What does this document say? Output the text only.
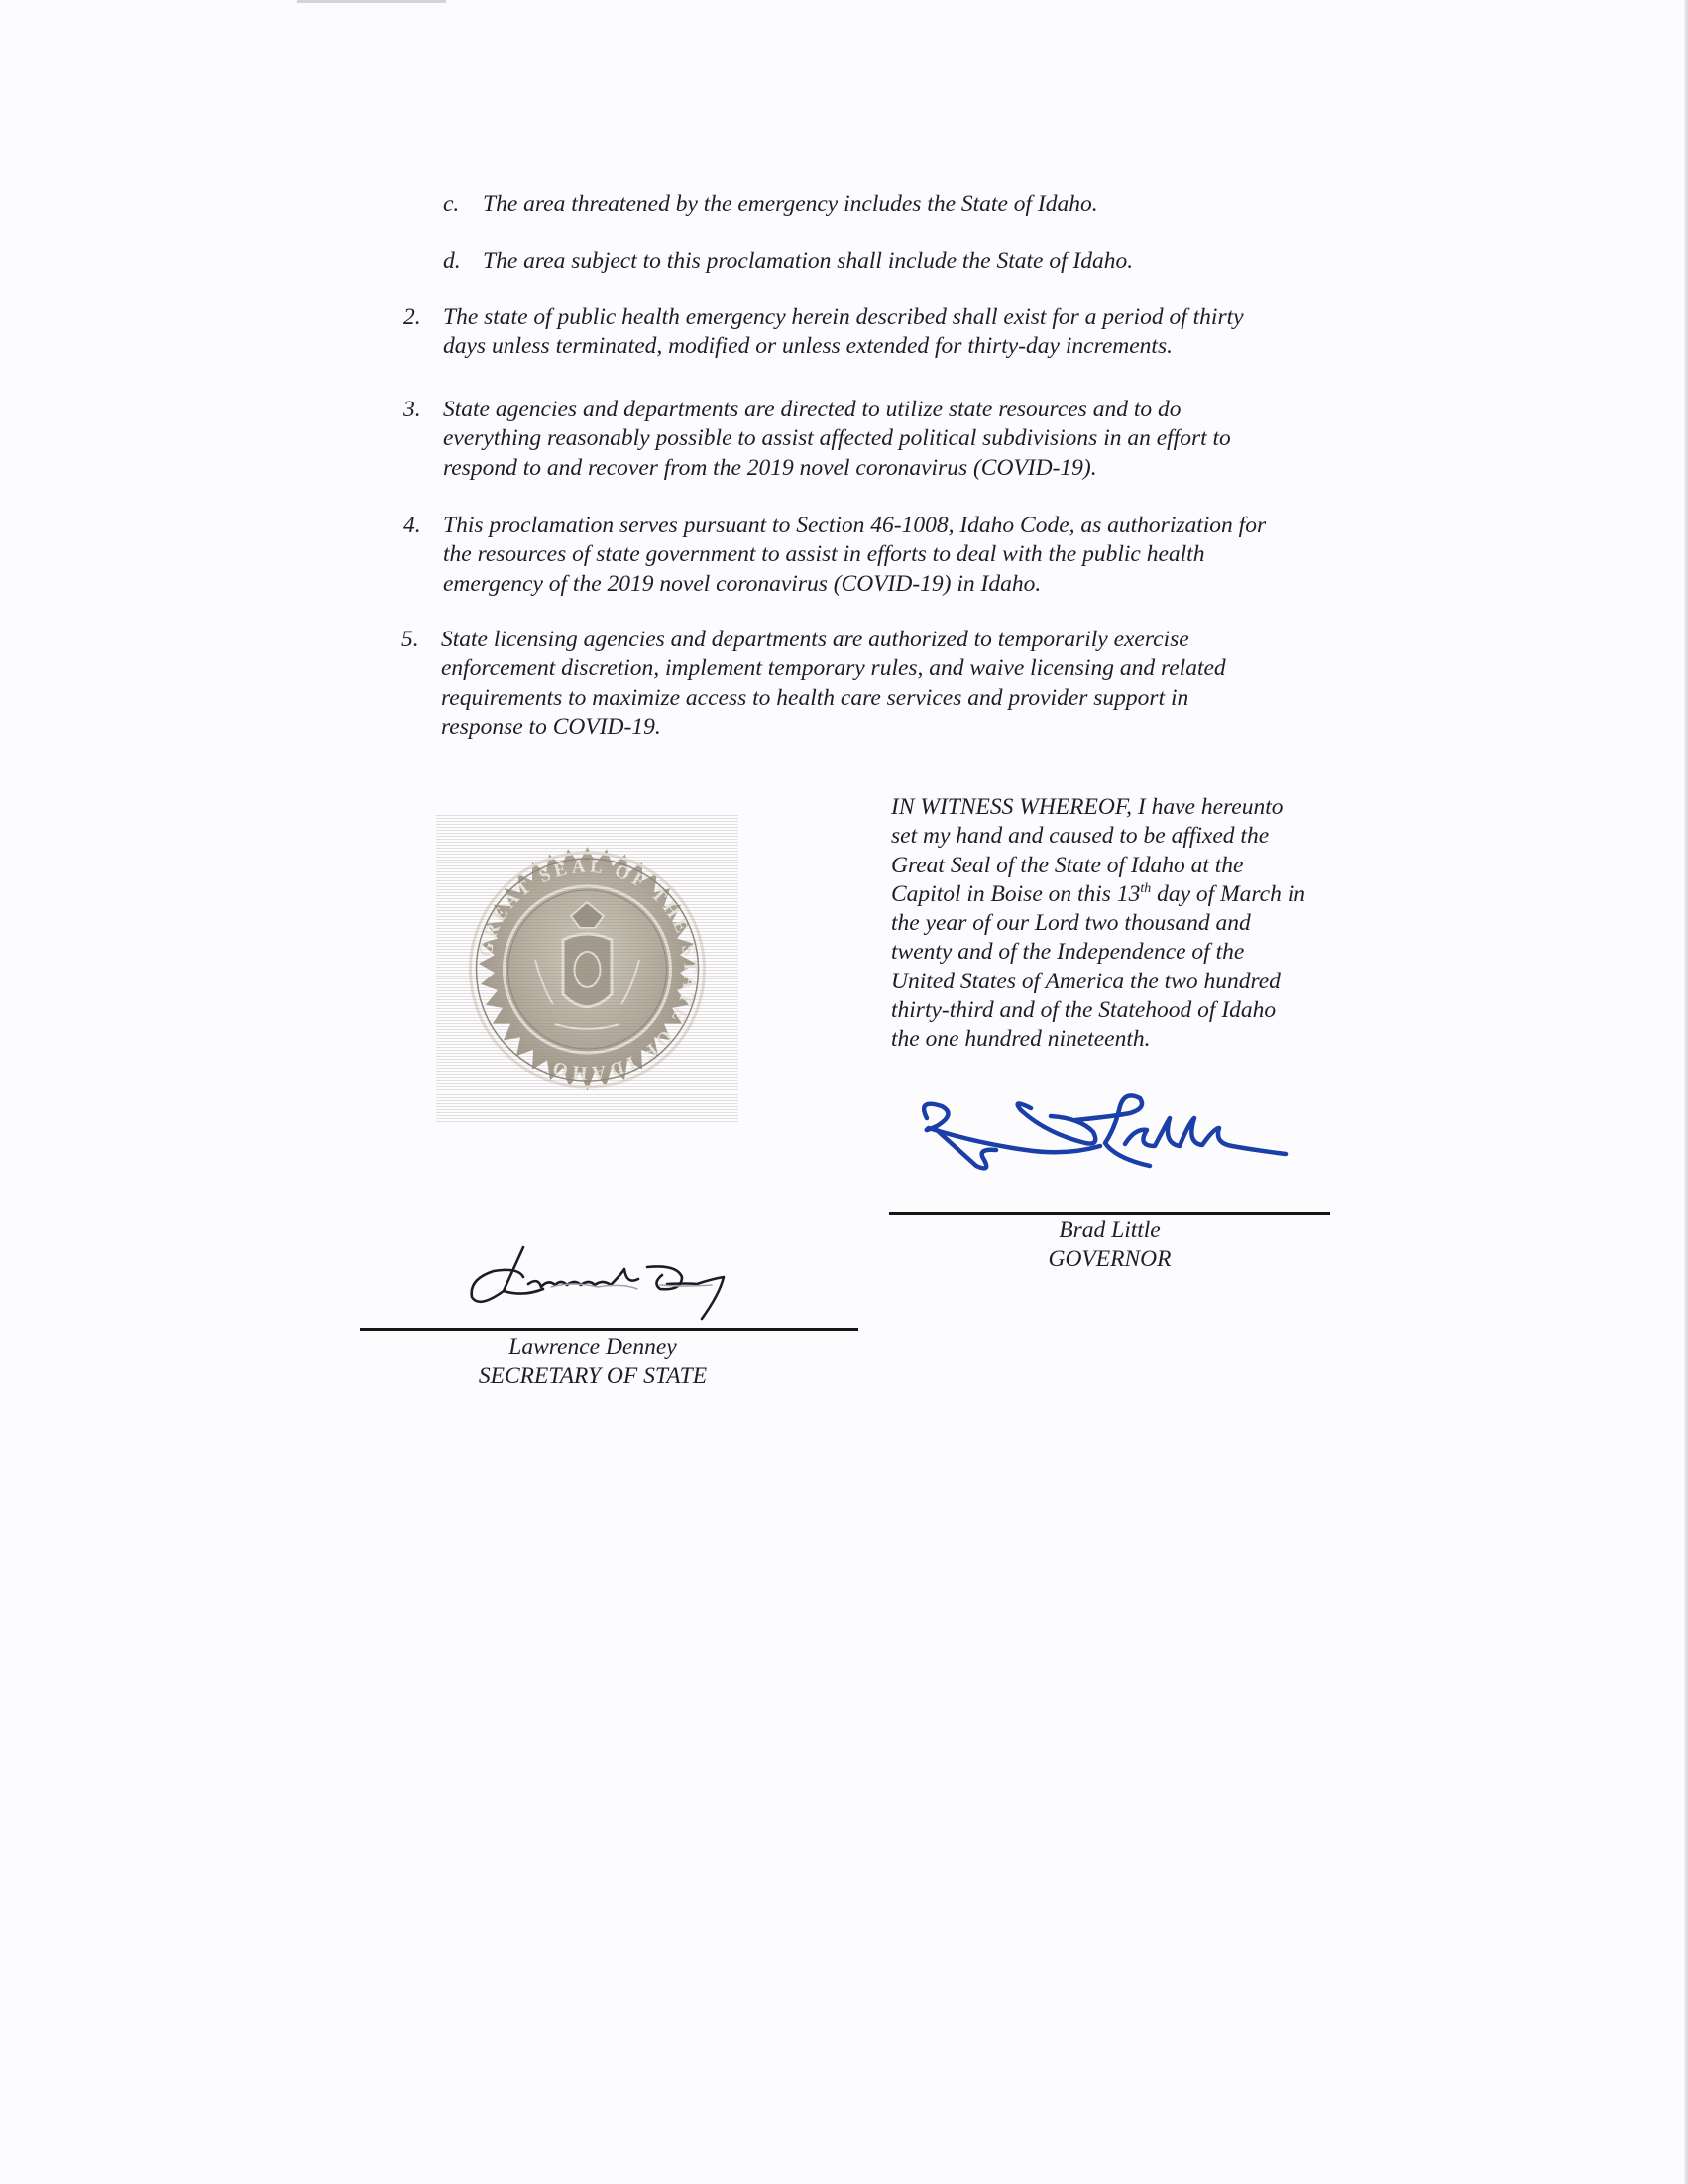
c. The area threatened by the emergency includes the State of Idaho.
d. The area subject to this proclamation shall include the State of Idaho.
2. The state of public health emergency herein described shall exist for a period of thirty
days unless terminated, modified or unless extended for thirty-day increments.
3. State agencies and departments are directed to utilize state resources and to do
everything reasonably possible to assist affected political subdivisions in an effort to
respond to and recover from the 2019 novel coronavirus (COVID-19).
4. This proclamation serves pursuant to Section 46-1008, Idaho Code, as authorization for
the resources of state government to assist in efforts to deal with the public health
emergency of the 2019 novel coronavirus (COVID-19) in Idaho.
5. State licensing agencies and departments are authorized to temporarily exercise
enforcement discretion, implement temporary rules, and waive licensing and related
requirements to maximize access to health care services and provider support in
response to COVID-19.
IN WITNESS WHEREOF, I have hereunto
set my hand and caused to be affixed the
Great Seal of the State of Idaho at the
Capitol in Boise on this 13th day of March in
the year of our Lord two thousand and
twenty and of the Independence of the
United States of America the two hundred
thirty-third and of the Statehood of Idaho
the one hundred nineteenth.
Brad Little
GOVERNOR
Lawrence Denney
SECRETARY OF STATE
